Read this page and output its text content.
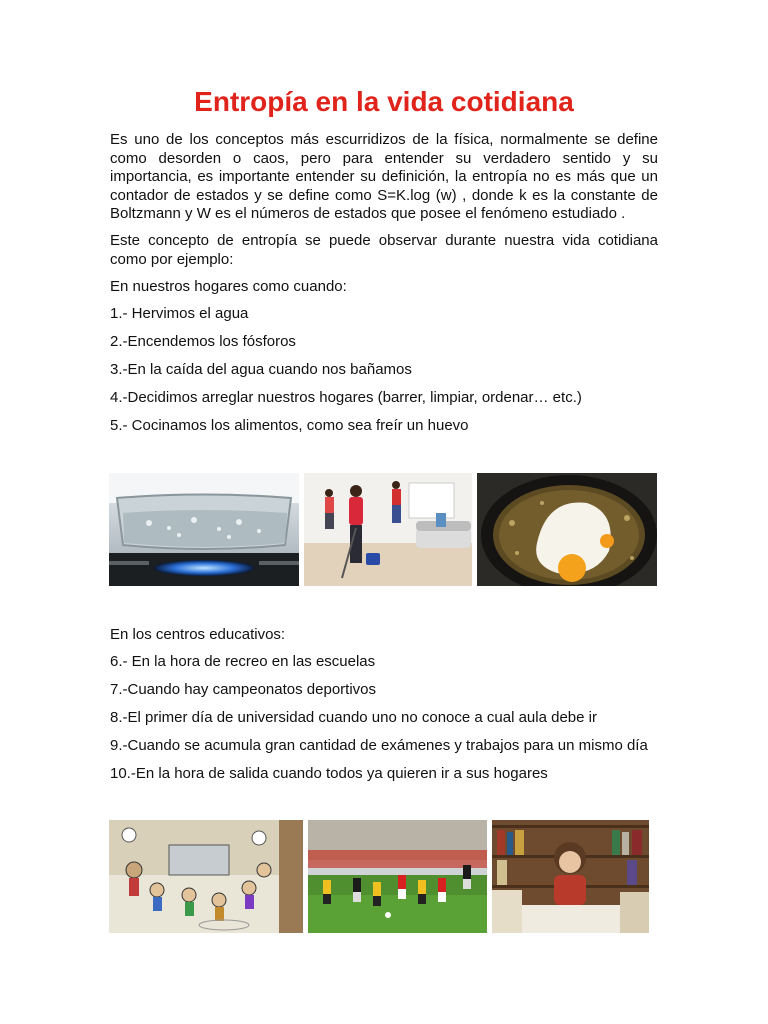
Entropía en la vida cotidiana
Es uno de los conceptos más escurridizos de la física, normalmente se define como desorden o caos, pero para entender su verdadero sentido y su importancia, es importante entender su definición, la entropía no es más que un contador de estados y se define como S=K.log (w) , donde k es la constante de Boltzmann y W es el números de estados que posee el fenómeno estudiado .
Este concepto de entropía se puede observar durante nuestra vida cotidiana como por ejemplo:
En nuestros hogares como cuando:
1.- Hervimos el agua
2.-Encendemos los fósforos
3.-En la caída del agua cuando nos bañamos
4.-Decidimos arreglar nuestros hogares (barrer, limpiar, ordenar… etc.)
5.- Cocinamos los alimentos, como sea freír un huevo
En los centros educativos:
6.- En la hora de recreo en las escuelas
7.-Cuando hay campeonatos deportivos
8.-El primer día de universidad cuando uno no conoce a cual aula debe ir
9.-Cuando se acumula gran cantidad de exámenes y trabajos para un mismo día
10.-En la hora de salida cuando todos ya quieren ir a sus hogares
